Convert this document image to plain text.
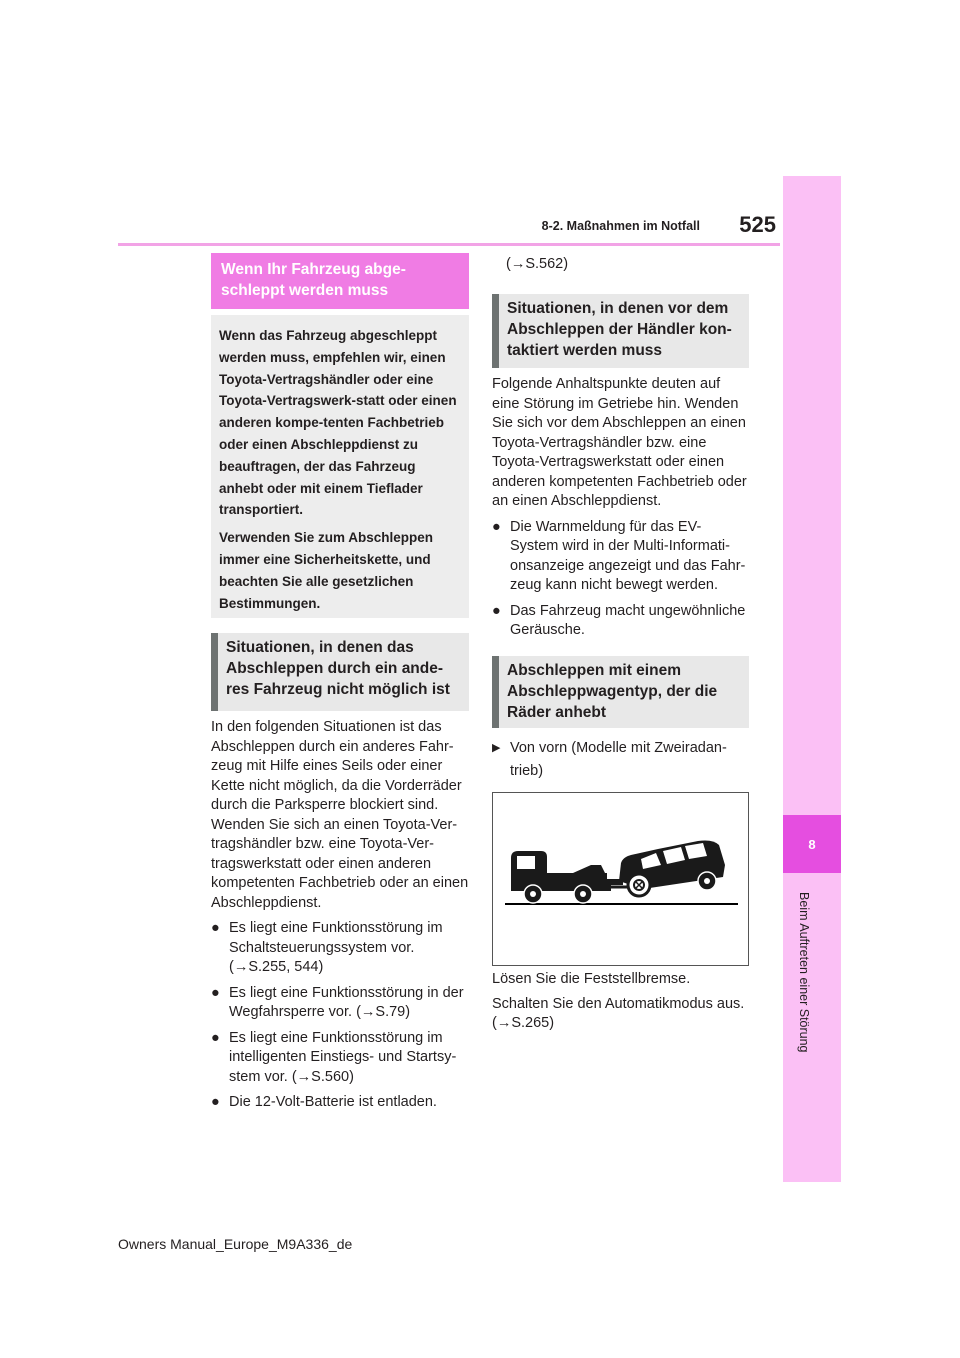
8-2. Maßnahmen im Notfall	525
8
Beim Auftreten einer Störung
Wenn Ihr Fahrzeug abge-
schleppt werden muss

Wenn das Fahrzeug abgeschleppt werden muss, empfehlen wir, einen Toyota-Vertragshändler oder eine Toyota-Vertragswerk-statt oder einen anderen kompe-tenten Fachbetrieb oder einen Abschleppdienst zu beauftragen, der das Fahrzeug anhebt oder mit einem Tieflader transportiert.

Verwenden Sie zum Abschleppen immer eine Sicherheitskette, und beachten Sie alle gesetzlichen Bestimmungen.

Situationen, in denen das Abschleppen durch ein ande-res Fahrzeug nicht möglich ist

In den folgenden Situationen ist das Abschleppen durch ein anderes Fahr-zeug mit Hilfe eines Seils oder einer Kette nicht möglich, da die Vorderräder durch die Parksperre blockiert sind. Wenden Sie sich an einen Toyota-Ver-tragshändler bzw. eine Toyota-Ver-tragswerkstatt oder einen anderen kompetenten Fachbetrieb oder an einen Abschleppdienst.

● Es liegt eine Funktionsstörung im Schaltsteuerungssystem vor. (→S.255, 544)
● Es liegt eine Funktionsstörung in der Wegfahrsperre vor. (→S.79)
● Es liegt eine Funktionsstörung im intelligenten Einstiegs- und Startsy-stem vor. (→S.560)
● Die 12-Volt-Batterie ist entladen.
(→S.562)
Situationen, in denen vor dem Abschleppen der Händler kon-taktiert werden muss

Folgende Anhaltspunkte deuten auf eine Störung im Getriebe hin. Wenden Sie sich vor dem Abschleppen an einen Toyota-Vertragshändler bzw. eine Toyota-Vertragswerkstatt oder einen anderen kompetenten Fachbetrieb oder an einen Abschleppdienst.

● Die Warnmeldung für das EV-System wird in der Multi-Informati-onsanzeige angezeigt und das Fahr-zeug kann nicht bewegt werden.
● Das Fahrzeug macht ungewöhnliche Geräusche.
Abschleppen mit einem Abschleppwagentyp, der die Räder anhebt
▶ Von vorn (Modelle mit Zweiradan-trieb)

Lösen Sie die Feststellbremse.

Schalten Sie den Automatikmodus aus. (→S.265)

Owners Manual_Europe_M9A336_de
